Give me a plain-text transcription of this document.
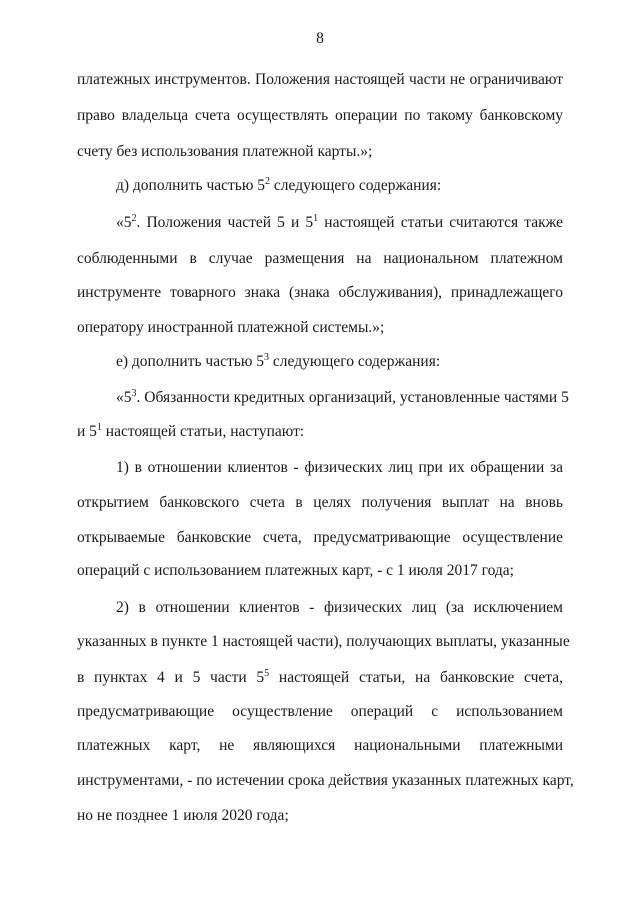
8
платежных инструментов. Положения настоящей части не ограничивают
право владельца счета осуществлять операции по такому банковскому
счету без использования платежной карты.»;
д) дополнить частью $5^2$ следующего содержания:
«$5^2$. Положения частей 5 и $5^1$ настоящей статьи считаются также
соблюденными в случае размещения на национальном платежном
инструменте товарного знака (знака обслуживания), принадлежащего
оператору иностранной платежной системы.»;
е) дополнить частью $5^3$ следующего содержания:
«$5^3$. Обязанности кредитных организаций, установленные частями 5
и $5^1$ настоящей статьи, наступают:
1) в отношении клиентов - физических лиц при их обращении за
открытием банковского счета в целях получения выплат на вновь
открываемые банковские счета, предусматривающие осуществление
операций с использованием платежных карт, - с 1 июля 2017 года;
2) в отношении клиентов - физических лиц (за исключением
указанных в пункте 1 настоящей части), получающих выплаты, указанные
в пунктах 4 и 5 части $5^5$ настоящей статьи, на банковские счета,
предусматривающие осуществление операций с использованием
платежных карт, не являющихся национальными платежными
инструментами, - по истечении срока действия указанных платежных карт,
но не позднее 1 июля 2020 года;
